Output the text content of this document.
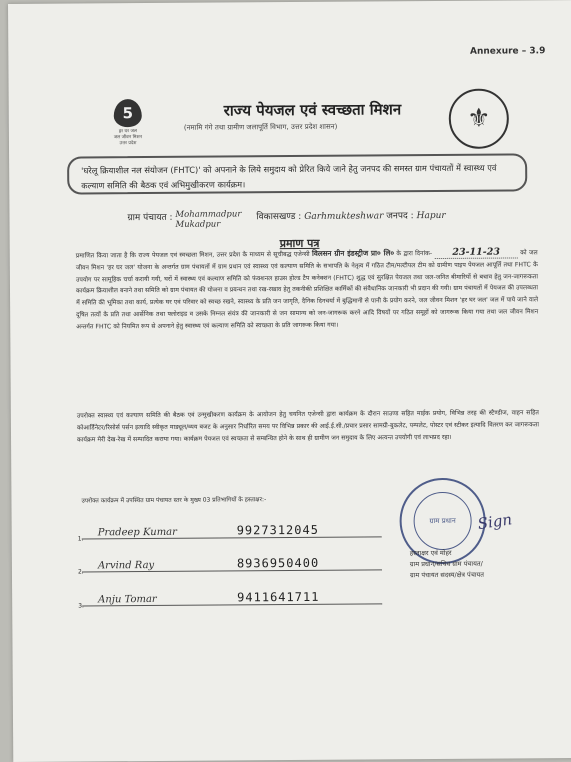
Annexure – 3.9
5
हर घर जल
जल जीवन मिशन
उत्तर प्रदेश
राज्य पेयजल एवं स्वच्छता मिशन
(नमामि गंगे तथा ग्रामीण जलापूर्ति विभाग, उत्तर प्रदेश शासन)	⚜
'घरेलू क्रियाशील नल संयोजन (FHTC)' को अपनाने के लिये समुदाय को प्रेरित किये जाने हेतु जनपद की समस्त ग्राम पंचायतों में स्वास्थ्य एवं कल्याण समिति की बैठक एवं अभिमुखीकरण कार्यक्रम।
ग्राम पंचायत : Mohammadpur Mukadpur विकासखण्ड : Garhmukteshwar जनपद : Hapur
प्रमाण पत्र
प्रमाणित किया जाता है कि राज्य पेयजल एवं स्वच्छता मिशन, उत्तर प्रदेश के माध्यम से सूचीबद्ध एजेन्सी विलसन ग्रीन इंडस्ट्रीज प्रा० लि० के द्वारा दिनांक- 23-11-23	को जल जीवन मिशन 'हर घर जल' योजना के अन्तर्गत ग्राम पंचायतों में ग्राम प्रधान एवं स्वास्थ्य एवं कल्याण समिति के सभापति के नेतृत्व में गठित टीम/मल्टीपल टीम को ग्रामीण पाइप पेयजल आपूर्ति तथा FHTC के उपयोग पर सामूहिक चर्चा करायी गयी, घरों में स्वास्थ्य एवं कल्याण समिति को फंक्शनल हाउस होल्ड टैप कनेक्शन (FHTC) शुद्ध एवं सुरक्षित पेयजल तथा जल-जनित बीमारियों से बचाव हेतु जन-जागरूकता कार्यक्रम क्रियाशील बनाने तथा समिति को ग्राम पंचायत की योजना व प्रबन्धन तथा रख-रखाव हेतु तकनीकी प्रशिक्षित कार्मिकों की संवैधानिक जानकारी भी प्रदान की गयी। ग्राम पंचायतों में पेयजल की उपलब्धता में समिति की भूमिका तथा कार्य, प्रत्येक घर एवं परिवार को स्वच्छ रखने, स्वास्थ्य के प्रति जन जागृति, दैनिक दिनचर्या में बुद्धिमानी से पानी के प्रयोग करने, जल जीवन मिशन 'हर घर जल' जल में पाये जाने वाले दूषित तत्वों के प्रति तथा आर्सेनिक तथा फ्लोराइड व उसके निम्नल संयंत्र की जानकारी से जन सामान्य को जन-जागरूक करने आदि विषयों पर गठित समूहों को जागरूक किया गया तथा जल जीवन मिशन अन्तर्गत FHTC को नियमित रूप से अपनाने हेतु स्वास्थ्य एवं कल्याण समिति को स्वच्छता के प्रति जागरूक किया गया।
उपरोक्त स्वास्थ्य एवं कल्याण समिति की बैठक एवं उन्मुखीकरण कार्यक्रम के आयोजन हेतु चयनित एजेन्सी द्वारा कार्यक्रम के दौरान साउण्ड सहित माईक प्रयोग, विभिन्न तरह की स्टैण्डीज, वाहन सहित कोआर्डिनेटर/रिसोर्स पर्सन इत्यादि स्वीकृत माड्यूल/व्यय बजट के अनुसार निर्धारित समय पर विभिन्न प्रकार की आई.ई.सी./प्रचार प्रसार सामग्री-बुकलेट, पम्पलेट, पोस्टर एवं स्टीकर इत्यादि वितरण कर जागरूकता कार्यक्रम मेरी देख-रेख में सम्पादित कराया गया। कार्यक्रम पेयजल एवं स्वच्छता से सम्बन्धित होने के साथ ही ग्रामीण जन समुदाय के लिए अत्यन्त उपयोगी एवं लाभप्रद रहा।
उपरोक्त कार्यक्रम में उपस्थित ग्राम पंचायत स्तर के मुख्य 03 प्रतिभागियों के हस्ताक्षर:-
1.
Pradeep Kumar	9927312045
2.
Arvind Ray	8936950400
3.
Anju Tomar	9411641711
ग्राम प्रधान	Sign
हस्ताक्षर एवं मोहर
ग्राम प्रधान/सचिव ग्राम पंचायत/
ग्राम पंचायत सदस्य/क्षेत्र पंचायत
